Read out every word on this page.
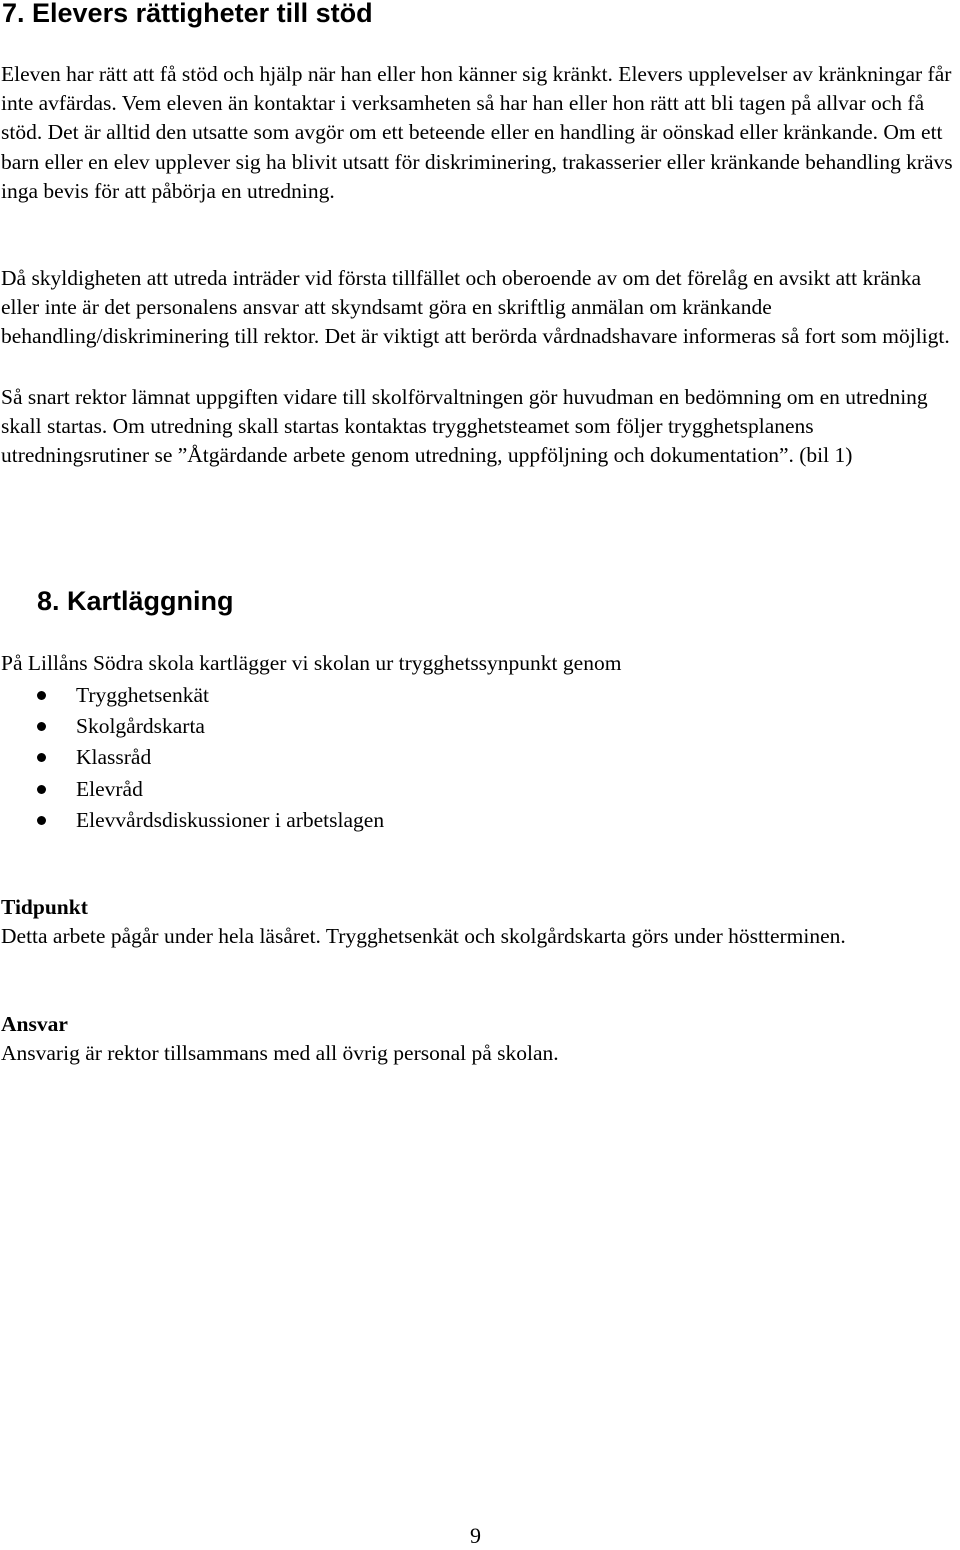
7. Elevers rättigheter till stöd

Eleven har rätt att få stöd och hjälp när han eller hon känner sig kränkt. Elevers upplevelser av kränkningar får inte avfärdas. Vem eleven än kontaktar i verksamheten så har han eller hon rätt att bli tagen på allvar och få stöd. Det är alltid den utsatte som avgör om ett beteende eller en handling är oönskad eller kränkande. Om ett barn eller en elev upplever sig ha blivit utsatt för diskriminering, trakasserier eller kränkande behandling krävs inga bevis för att påbörja en utredning.

Då skyldigheten att utreda inträder vid första tillfället och oberoende av om det förelåg en avsikt att kränka eller inte är det personalens ansvar att skyndsamt göra en skriftlig anmälan om kränkande behandling/diskriminering till rektor. Det är viktigt att berörda vårdnadshavare informeras så fort som möjligt.

Så snart rektor lämnat uppgiften vidare till skolförvaltningen gör huvudman en bedömning om en utredning skall startas. Om utredning skall startas kontaktas trygghetsteamet som följer trygghetsplanens utredningsrutiner se ”Åtgärdande arbete genom utredning, uppföljning och dokumentation”. (bil 1)

8. Kartläggning

På Lillåns Södra skola kartlägger vi skolan ur trygghetssynpunkt genom

Trygghetsenkät
Skolgårdskarta
Klassråd
Elevråd
Elevvårdsdiskussioner i arbetslagen

Tidpunkt

Detta arbete pågår under hela läsåret. Trygghetsenkät och skolgårdskarta görs under höstterminen.

Ansvar

Ansvarig är rektor tillsammans med all övrig personal på skolan.

9
